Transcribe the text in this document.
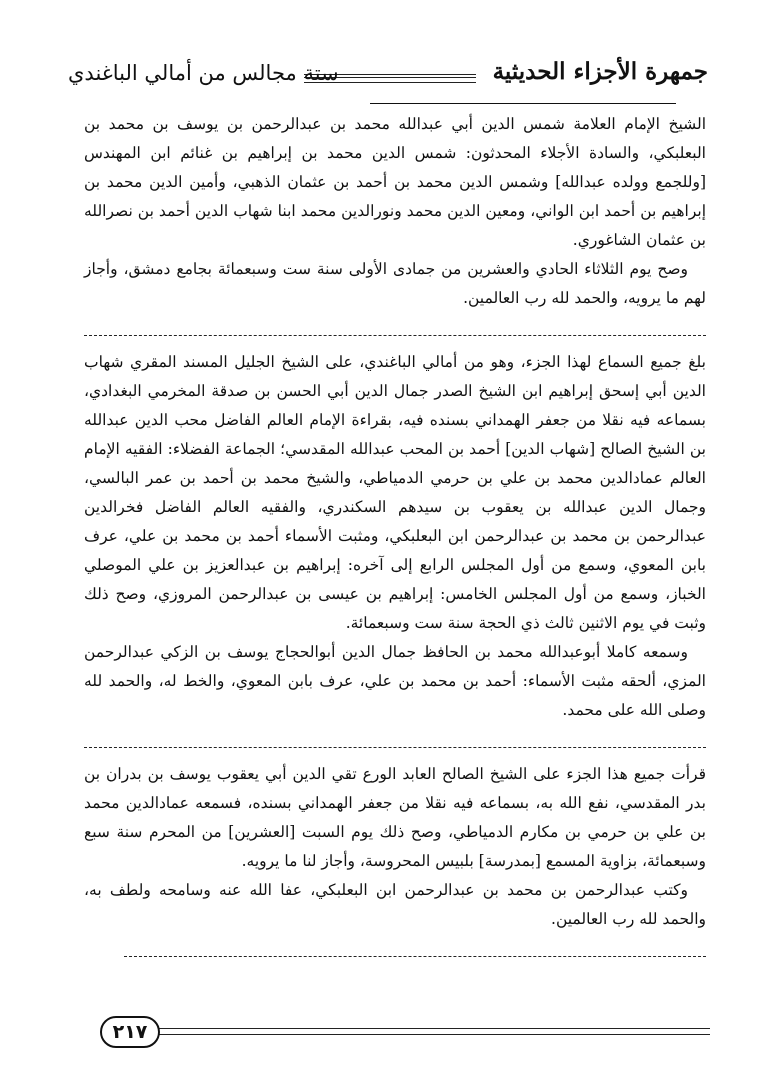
جمهرة الأجزاء الحديثية
ستة مجالس من أمالي الباغندي

الشيخ الإمام العلامة شمس الدين أبي عبدالله محمد بن عبدالرحمن بن يوسف بن محمد بن البعلبكي، والسادة الأجلاء المحدثون: شمس الدين محمد بن إبراهيم بن غنائم ابن المهندس [وللجمع وولده عبدالله] وشمس الدين محمد بن أحمد بن عثمان الذهبي، وأمين الدين محمد بن إبراهيم بن أحمد ابن الواني، ومعين الدين محمد ونورالدين محمد ابنا شهاب الدين أحمد بن نصرالله بن عثمان الشاغوري.

وصح يوم الثلاثاء الحادي والعشرين من جمادى الأولى سنة ست وسبعمائة بجامع دمشق، وأجاز لهم ما يرويه، والحمد لله رب العالمين.

بلغ جميع السماع لهذا الجزء، وهو من أمالي الباغندي، على الشيخ الجليل المسند المقري شهاب الدين أبي إسحق إبراهيم ابن الشيخ الصدر جمال الدين أبي الحسن بن صدقة المخرمي البغدادي، بسماعه فيه نقلا من جعفر الهمداني بسنده فيه، بقراءة الإمام العالم الفاضل محب الدين عبدالله بن الشيخ الصالح [شهاب الدين] أحمد بن المحب عبدالله المقدسي؛ الجماعة الفضلاء: الفقيه الإمام العالم عمادالدين محمد بن علي بن حرمي الدمياطي، والشيخ محمد بن أحمد بن عمر البالسي، وجمال الدين عبدالله بن يعقوب بن سيدهم السكندري، والفقيه العالم الفاضل فخرالدين عبدالرحمن بن محمد بن عبدالرحمن ابن البعلبكي، ومثبت الأسماء أحمد بن محمد بن علي، عرف بابن المعوي، وسمع من أول المجلس الرابع إلى آخره: إبراهيم بن عبدالعزيز بن علي الموصلي الخباز، وسمع من أول المجلس الخامس: إبراهيم بن عيسى بن عبدالرحمن المروزي، وصح ذلك وثبت في يوم الاثنين ثالث ذي الحجة سنة ست وسبعمائة.

وسمعه كاملا أبوعبدالله محمد بن الحافظ جمال الدين أبوالحجاج يوسف بن الزكي عبدالرحمن المزي، ألحقه مثبت الأسماء: أحمد بن محمد بن علي، عرف بابن المعوي، والخط له، والحمد لله وصلى الله على محمد.

قرأت جميع هذا الجزء على الشيخ الصالح العابد الورع تقي الدين أبي يعقوب يوسف بن بدران بن بدر المقدسي، نفع الله به، بسماعه فيه نقلا من جعفر الهمداني بسنده، فسمعه عمادالدين محمد بن علي بن حرمي بن مكارم الدمياطي، وصح ذلك يوم السبت [العشرين] من المحرم سنة سبع وسبعمائة، بزاوية المسمع [بمدرسة] بلبيس المحروسة، وأجاز لنا ما يرويه.

وكتب عبدالرحمن بن محمد بن عبدالرحمن ابن البعلبكي، عفا الله عنه وسامحه ولطف به، والحمد لله رب العالمين.

٢١٧
